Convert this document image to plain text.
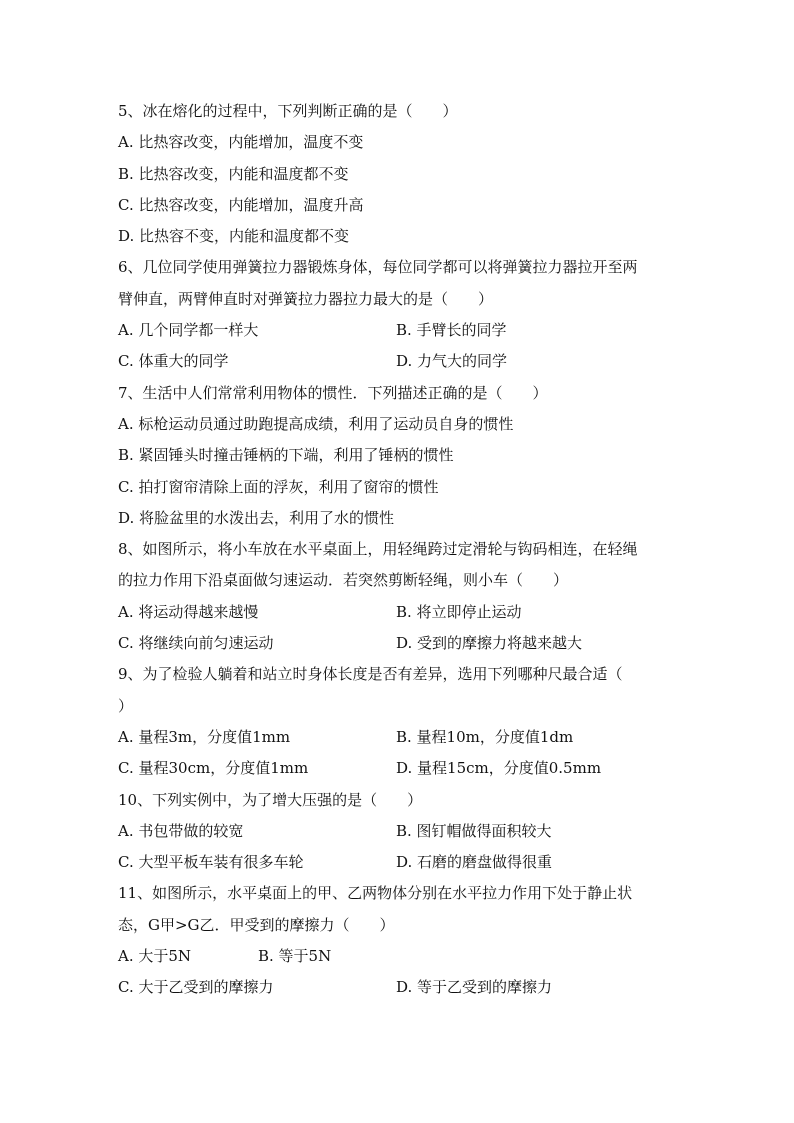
5、冰在熔化的过程中，下列判断正确的是（　　）
A. 比热容改变，内能增加，温度不变
B. 比热容改变，内能和温度都不变
C. 比热容改变，内能增加，温度升高
D. 比热容不变，内能和温度都不变
6、几位同学使用弹簧拉力器锻炼身体，每位同学都可以将弹簧拉力器拉开至两
臂伸直，两臂伸直时对弹簧拉力器拉力最大的是（　　）
A. 几个同学都一样大	B. 手臂长的同学
C. 体重大的同学	D. 力气大的同学
7、生活中人们常常利用物体的惯性．下列描述正确的是（　　）
A. 标枪运动员通过助跑提高成绩，利用了运动员自身的惯性
B. 紧固锤头时撞击锤柄的下端，利用了锤柄的惯性
C. 拍打窗帘清除上面的浮灰，利用了窗帘的惯性
D. 将脸盆里的水泼出去，利用了水的惯性
8、如图所示，将小车放在水平桌面上，用轻绳跨过定滑轮与钩码相连，在轻绳
的拉力作用下沿桌面做匀速运动．若突然剪断轻绳，则小车（　　）
A. 将运动得越来越慢	B. 将立即停止运动
C. 将继续向前匀速运动	D. 受到的摩擦力将越来越大
9、为了检验人躺着和站立时身体长度是否有差异，选用下列哪种尺最合适（
）
A. 量程3m，分度值1mm	B. 量程10m，分度值1dm
C. 量程30cm，分度值1mm	D. 量程15cm，分度值0.5mm
10、下列实例中，为了增大压强的是（　　）
A. 书包带做的较宽	B. 图钉帽做得面积较大
C. 大型平板车装有很多车轮	D. 石磨的磨盘做得很重
11、如图所示，水平桌面上的甲、乙两物体分别在水平拉力作用下处于静止状
态，G甲>G乙．甲受到的摩擦力（　　）
A. 大于5N	B. 等于5N
C. 大于乙受到的摩擦力	D. 等于乙受到的摩擦力
